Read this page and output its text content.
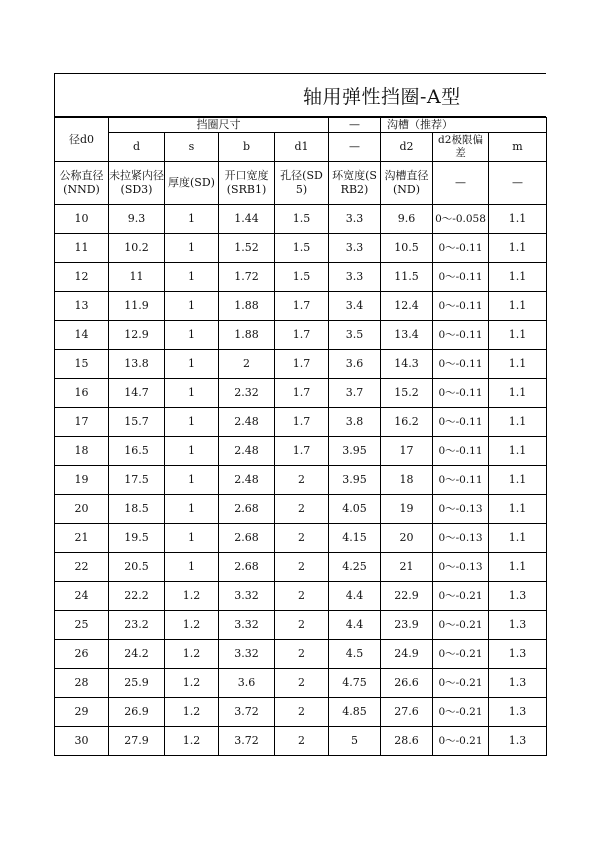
轴用弹性挡圈-A型
径d0	挡圈尺寸				—	沟槽（推荐）		
	d	s	b	d1	—	d2	d2极限偏差	m
公称直径(NND)	未拉紧内径(SD3)	厚度(SD)	开口宽度(SRB1)	孔径(SD5)	环宽度(SRB2)	沟槽直径(ND)	—	—
10	9.3	1	1.44	1.5	3.3	9.6	0～-0.058	1.1
11	10.2	1	1.52	1.5	3.3	10.5	0～-0.11	1.1
12	11	1	1.72	1.5	3.3	11.5	0～-0.11	1.1
13	11.9	1	1.88	1.7	3.4	12.4	0～-0.11	1.1
14	12.9	1	1.88	1.7	3.5	13.4	0～-0.11	1.1
15	13.8	1	2	1.7	3.6	14.3	0～-0.11	1.1
16	14.7	1	2.32	1.7	3.7	15.2	0～-0.11	1.1
17	15.7	1	2.48	1.7	3.8	16.2	0～-0.11	1.1
18	16.5	1	2.48	1.7	3.95	17	0～-0.11	1.1
19	17.5	1	2.48	2	3.95	18	0～-0.11	1.1
20	18.5	1	2.68	2	4.05	19	0～-0.13	1.1
21	19.5	1	2.68	2	4.15	20	0～-0.13	1.1
22	20.5	1	2.68	2	4.25	21	0～-0.13	1.1
24	22.2	1.2	3.32	2	4.4	22.9	0～-0.21	1.3
25	23.2	1.2	3.32	2	4.4	23.9	0～-0.21	1.3
26	24.2	1.2	3.32	2	4.5	24.9	0～-0.21	1.3
28	25.9	1.2	3.6	2	4.75	26.6	0～-0.21	1.3
29	26.9	1.2	3.72	2	4.85	27.6	0～-0.21	1.3
30	27.9	1.2	3.72	2	5	28.6	0～-0.21	1.3
